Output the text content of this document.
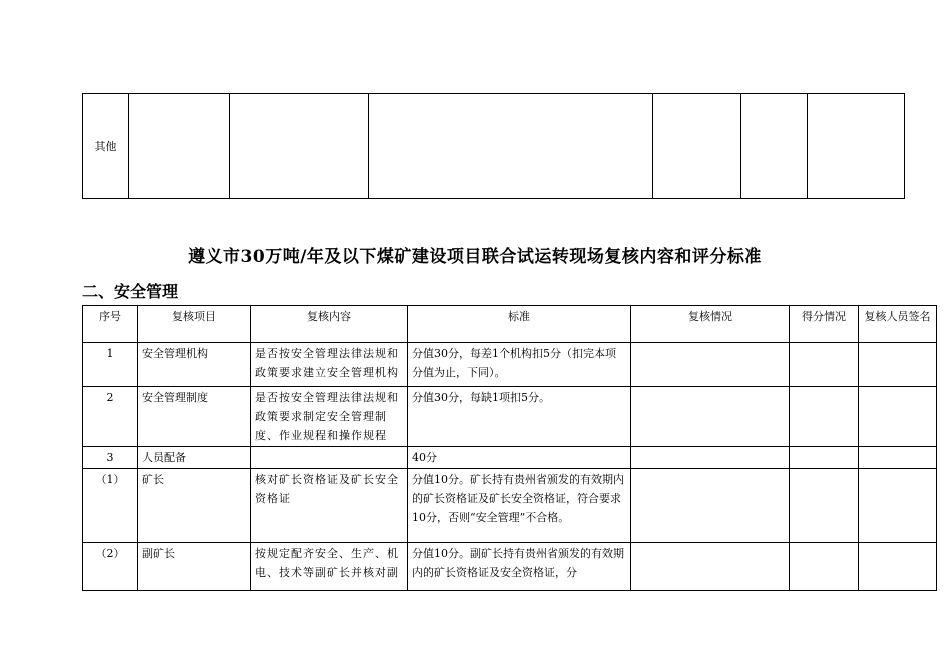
其他						
遵义市30万吨/年及以下煤矿建设项目联合试运转现场复核内容和评分标准
二、安全管理
序号	复核项目	复核内容	标准	复核情况	得分情况	复核人员签名
1	安全管理机构	是否按安全管理法律法规和政策要求建立安全管理机构	分值30分，每差1个机构扣5分（扣完本项分值为止，下同）。			
2	安全管理制度	是否按安全管理法律法规和政策要求制定安全管理制度、作业规程和操作规程	分值30分，每缺1项扣5分。			
3	人员配备		40分			
（1）	矿长	核对矿长资格证及矿长安全资格证	分值10分。矿长持有贵州省颁发的有效期内的矿长资格证及矿长安全资格证，符合要求10分，否则“安全管理”不合格。			
（2）	副矿长	按规定配齐安全、生产、机电、技术等副矿长并核对副	分值10分。副矿长持有贵州省颁发的有效期内的矿长资格证及安全资格证，分			
